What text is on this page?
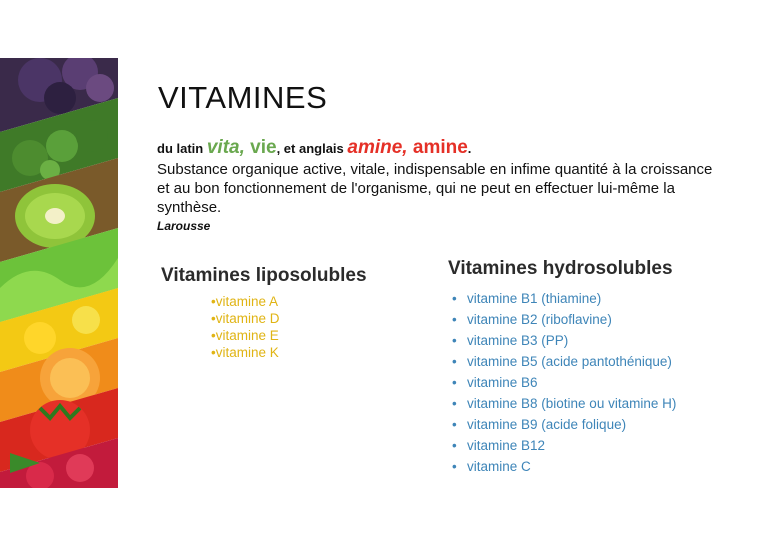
VITAMINES
du latin vita, vie, et anglais amine, amine.
Substance organique active, vitale, indispensable en infime quantité à la croissance et au bon fonctionnement de l'organisme, qui ne peut en effectuer lui-même la synthèse.
Larousse
Vitamines liposolubles
•vitamine A
•vitamine D
•vitamine E
•vitamine K
Vitamines hydrosolubles
• vitamine B1 (thiamine)
• vitamine B2 (riboflavine)
• vitamine B3 (PP)
• vitamine B5 (acide pantothénique)
• vitamine B6
• vitamine B8 (biotine ou vitamine H)
• vitamine B9 (acide folique)
• vitamine B12
• vitamine C
